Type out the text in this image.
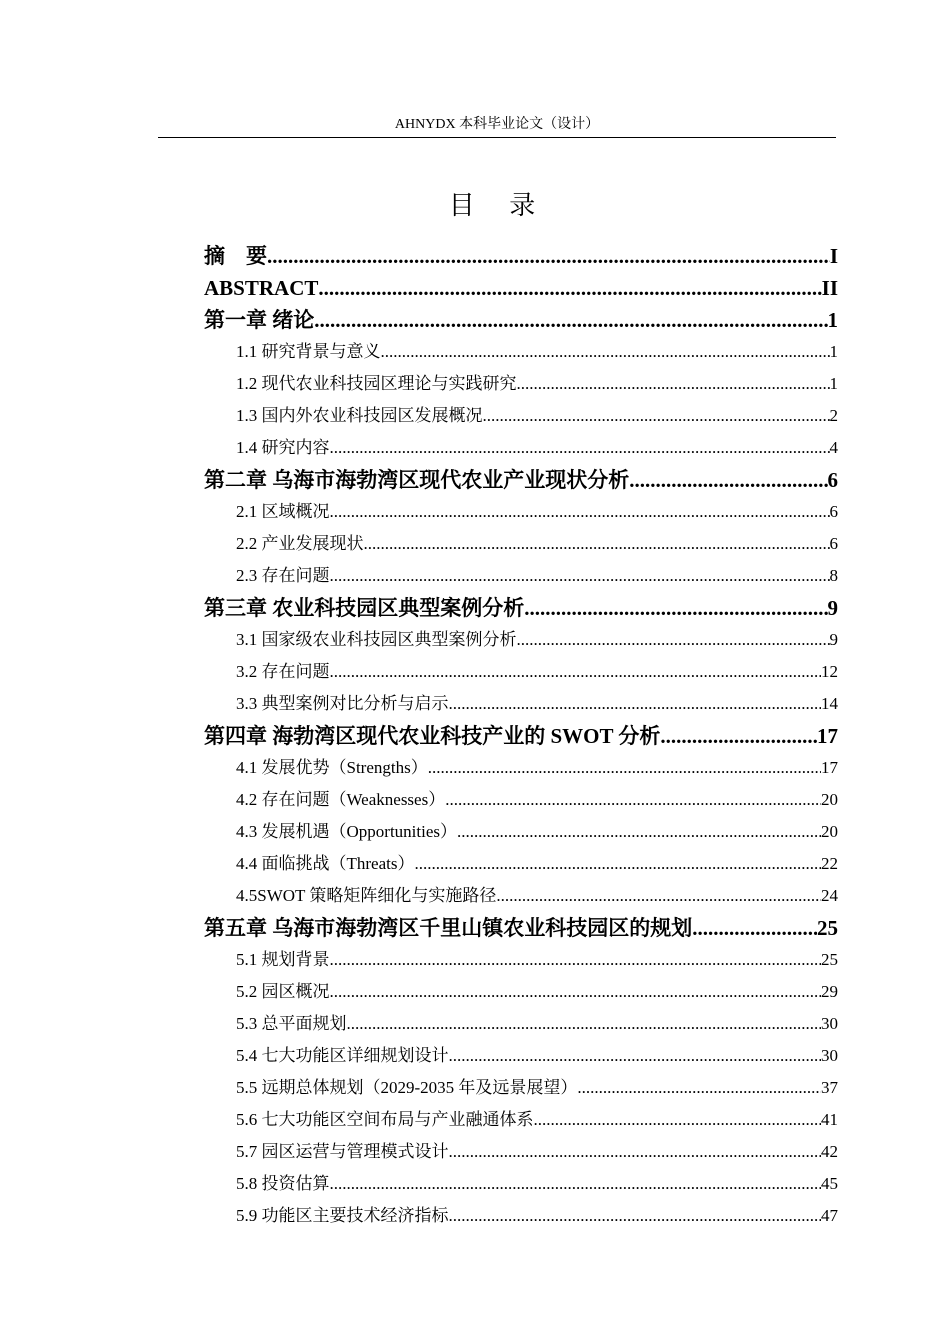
AHNYDX 本科毕业论文（设计）
目 录
摘　要 .....	I
ABSTRACT .....	II
第一章 绪论 .....	1
1.1 研究背景与意义 .....	1
1.2 现代农业科技园区理论与实践研究 .....	1
1.3 国内外农业科技园区发展概况 .....	2
1.4 研究内容 .....	4
第二章 乌海市海勃湾区现代农业产业现状分析 .....	6
2.1 区域概况 .....	6
2.2 产业发展现状 .....	6
2.3 存在问题 .....	8
第三章 农业科技园区典型案例分析 .....	9
3.1 国家级农业科技园区典型案例分析 .....	9
3.2 存在问题 .....	12
3.3 典型案例对比分析与启示 .....	14
第四章 海勃湾区现代农业科技产业的 SWOT 分析 .....	17
4.1 发展优势（Strengths） .....	17
4.2 存在问题（Weaknesses） .....	20
4.3 发展机遇（Opportunities） .....	20
4.4 面临挑战（Threats） .....	22
4.5SWOT 策略矩阵细化与实施路径 .....	24
第五章 乌海市海勃湾区千里山镇农业科技园区的规划 .....	25
5.1 规划背景 .....	25
5.2 园区概况 .....	29
5.3 总平面规划 .....	30
5.4 七大功能区详细规划设计 .....	30
5.5 远期总体规划（2029-2035 年及远景展望） .....	37
5.6 七大功能区空间布局与产业融通体系 .....	41
5.7 园区运营与管理模式设计 .....	42
5.8 投资估算 .....	45
5.9 功能区主要技术经济指标 .....	47
